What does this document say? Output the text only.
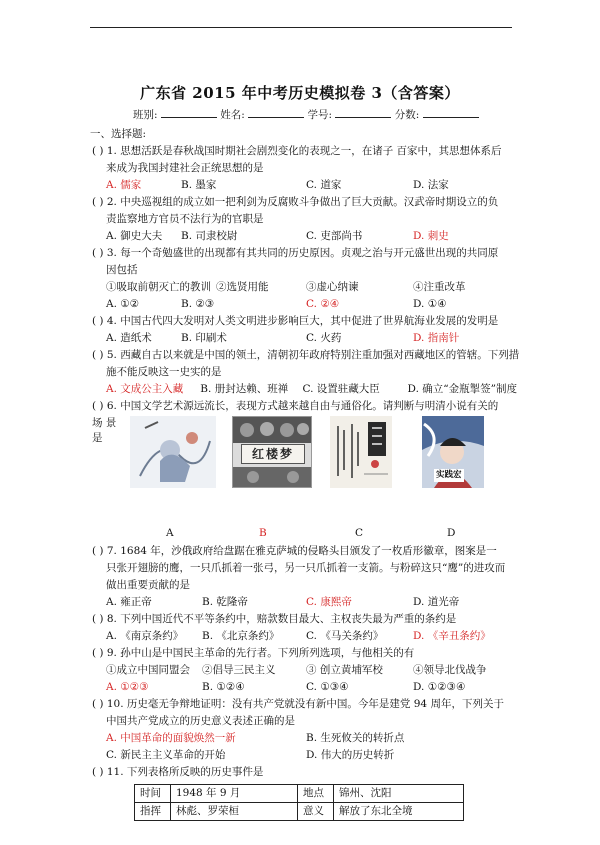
广东省 2015 年中考历史模拟卷 3（含答案）
班别:	姓名:	学号:	分数:
一、选择题:
( ) 1. 思想活跃是春秋战国时期社会剧烈变化的表现之一，在诸子 百家中，其思想体系后
来成为我国封建社会正统思想的是
A. 儒家	B. 墨家	C. 道家	D. 法家
( ) 2. 中央巡视组的成立如一把利剑为反腐败斗争做出了巨大贡献。汉武帝时期设立的负
责监察地方官员不法行为的官职是
A. 御史大夫	B. 司隶校尉	C. 吏部尚书	D. 刺史
( ) 3. 每一个奇勉盛世的出现都有其共同的历史原因。贞观之治与开元盛世出现的共同原
因包括
①吸取前朝灭亡的教训 ②选贤用能	③虚心纳谏	④注重改革
A. ①②	B. ②③	C. ②④	D. ①④
( ) 4. 中国古代四大发明对人类文明进步影响巨大，其中促进了世界航海业发展的发明是
A. 造纸术	B. 印刷术	C. 火药	D. 指南针
( ) 5. 西藏自古以来就是中国的领土，清朝初年政府特别注重加强对西藏地区的管辖。下列措
施不能反映这一史实的是
A. 文成公主入藏	B. 册封达赖、班禅	C. 设置驻藏大臣	D. 确立“金瓶掣签”制度
( ) 6. 中国文学艺术源远流长，表现方式越来越自由与通俗化。请判断与明清小说有关的
场 景
是
红楼梦
实践宏
A	B	C	D
( ) 7. 1684 年，沙俄政府给盘踞在雅克萨城的侵略头目颁发了一枚盾形徽章，图案是一
只张开翅膀的鹰，一只爪抓着一张弓，另一只爪抓着一支箭。与粉碎这只“鹰”的进攻而
做出重要贡献的是
A. 雍正帝	B. 乾隆帝	C. 康熙帝	D. 道光帝
( ) 8. 下列中国近代不平等条约中，赔款数目最大、主权丧失最为严重的条约是
A. 《南京条约》	B. 《北京条约》	C. 《马关条约》	D. 《辛丑条约》
( ) 9. 孙中山是中国民主革命的先行者。下列所列选项，与他相关的有
①成立中国同盟会	②倡导三民主义	③ 创立黄埔军校	④领导北伐战争
A. ①②③	B. ①②④	C. ①③④	D. ①②③④
( ) 10. 历史毫无争辩地证明：没有共产党就没有新中国。今年是建党 94 周年，下列关于
中国共产党成立的历史意义表述正确的是
A. 中国革命的面貌焕然一新	B. 生死攸关的转折点
C. 新民主主义革命的开始	D. 伟大的历史转折
( ) 11. 下列表格所反映的历史事件是
时间	1948 年 9 月	地点	锦州、沈阳
指挥	林彪、罗荣桓	意义	解放了东北全境
